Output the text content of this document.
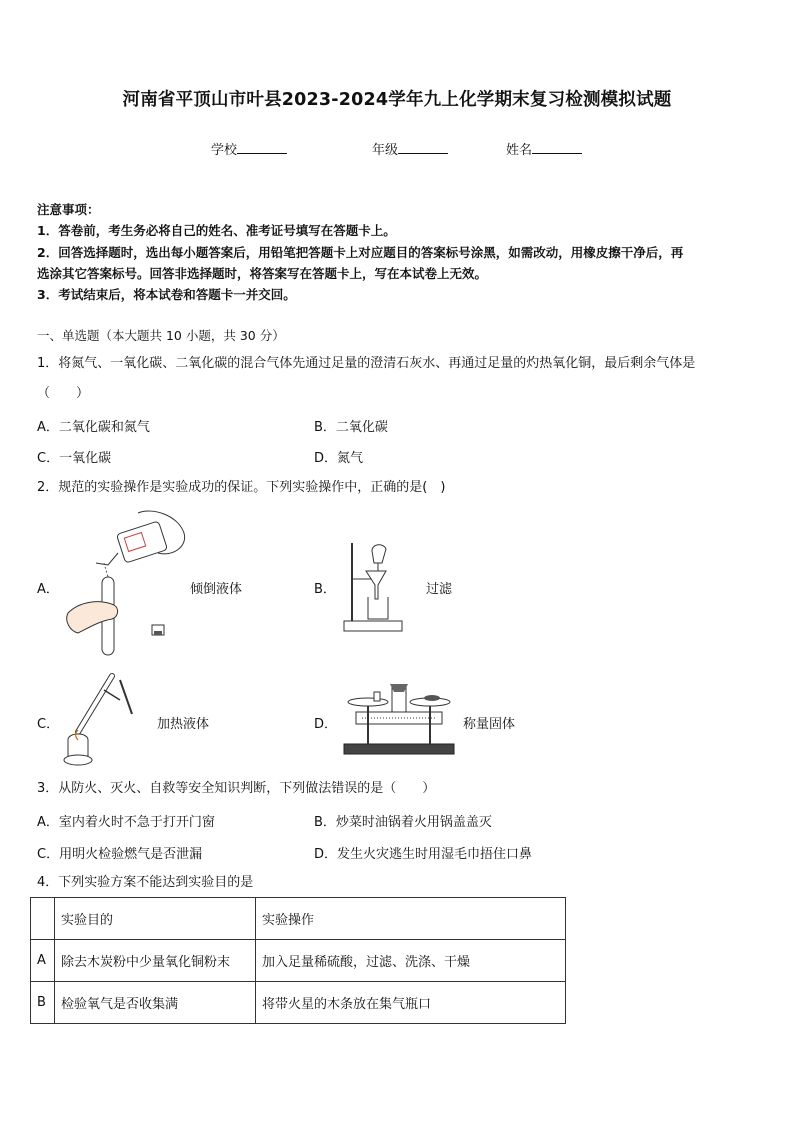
河南省平顶山市叶县2023-2024学年九上化学期末复习检测模拟试题
学校	年级	姓名
注意事项：
1．答卷前，考生务必将自己的姓名、准考证号填写在答题卡上。
2．回答选择题时，选出每小题答案后，用铅笔把答题卡上对应题目的答案标号涂黑，如需改动，用橡皮擦干净后，再
选涂其它答案标号。回答非选择题时，将答案写在答题卡上，写在本试卷上无效。
3．考试结束后，将本试卷和答题卡一并交回。
一、单选题（本大题共 10 小题，共 30 分）
1．将氮气、一氧化碳、二氧化碳的混合气体先通过足量的澄清石灰水、再通过足量的灼热氧化铜，最后剩余气体是
（　　）
A．二氧化碳和氮气	B．二氧化碳
C．一氧化碳	D．氮气
2．规范的实验操作是实验成功的保证。下列实验操作中，正确的是(　)
A．	倾倒液体	B．	过滤
C．	加热液体	D．	称量固体
3．从防火、灭火、自救等安全知识判断，下列做法错误的是（　　）
A．室内着火时不急于打开门窗	B．炒菜时油锅着火用锅盖盖灭
C．用明火检验燃气是否泄漏	D．发生火灾逃生时用湿毛巾捂住口鼻
4．下列实验方案不能达到实验目的是
	实验目的	实验操作
A	除去木炭粉中少量氧化铜粉末	加入足量稀硫酸，过滤、洗涤、干燥
B	检验氧气是否收集满	将带火星的木条放在集气瓶口
